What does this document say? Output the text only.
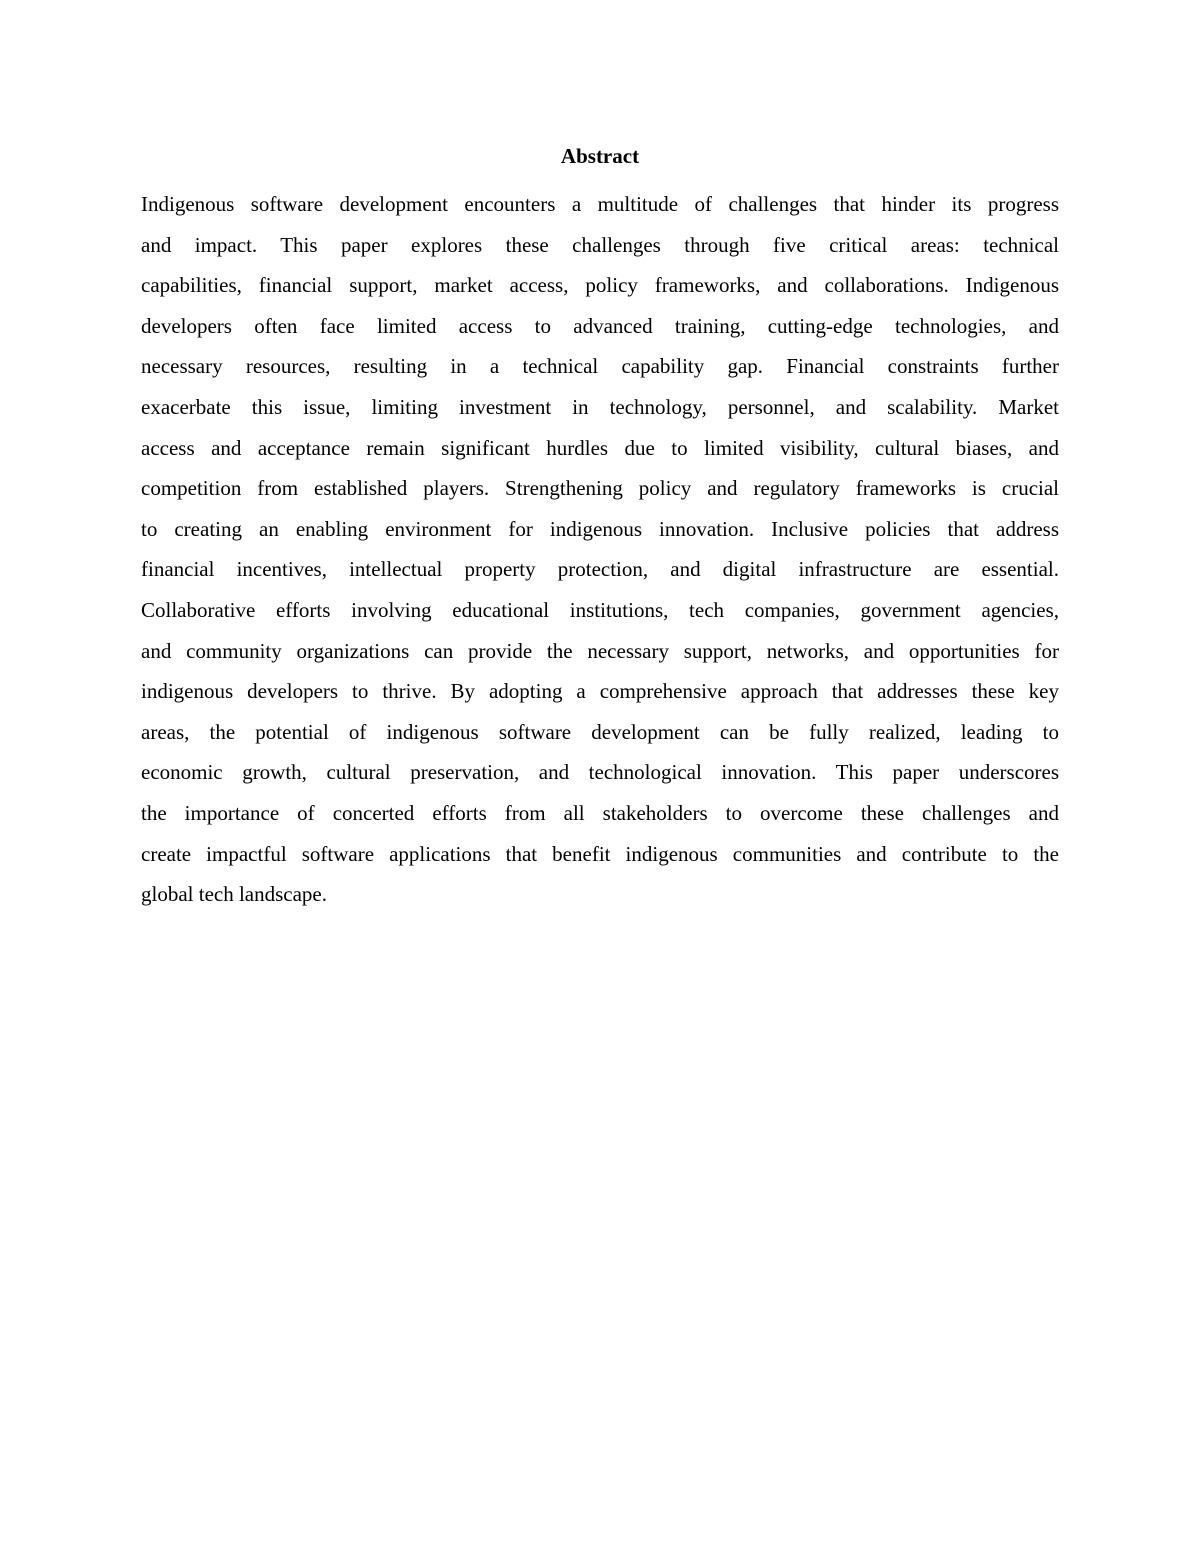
Abstract
Indigenous software development encounters a multitude of challenges that hinder its progress
and impact. This paper explores these challenges through five critical areas: technical
capabilities, financial support, market access, policy frameworks, and collaborations. Indigenous
developers often face limited access to advanced training, cutting-edge technologies, and
necessary resources, resulting in a technical capability gap. Financial constraints further
exacerbate this issue, limiting investment in technology, personnel, and scalability. Market
access and acceptance remain significant hurdles due to limited visibility, cultural biases, and
competition from established players. Strengthening policy and regulatory frameworks is crucial
to creating an enabling environment for indigenous innovation. Inclusive policies that address
financial incentives, intellectual property protection, and digital infrastructure are essential.
Collaborative efforts involving educational institutions, tech companies, government agencies,
and community organizations can provide the necessary support, networks, and opportunities for
indigenous developers to thrive. By adopting a comprehensive approach that addresses these key
areas, the potential of indigenous software development can be fully realized, leading to
economic growth, cultural preservation, and technological innovation. This paper underscores
the importance of concerted efforts from all stakeholders to overcome these challenges and
create impactful software applications that benefit indigenous communities and contribute to the
global tech landscape.
